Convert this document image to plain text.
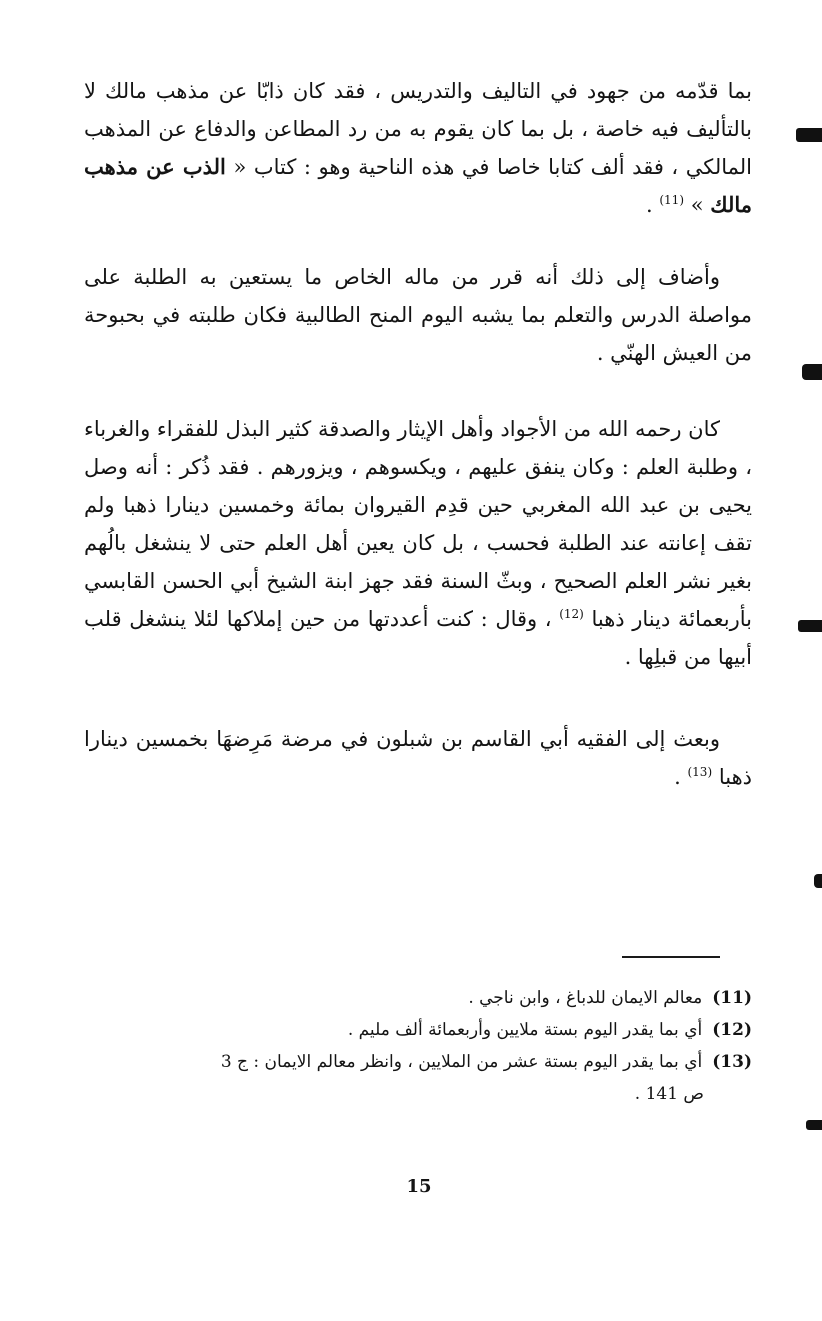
بما قدّمه من جهود في التاليف والتدريس ، فقد كان ذابّا عن مذهب مالك لا بالتأليف فيه خاصة ، بل بما كان يقوم به من رد المطاعن والدفاع عن المذهب المالكي ، فقد ألف كتابا خاصا في هذه الناحية وهو : كتاب « الذب عن مذهب مالك » $^{(11)}$ .

وأضاف إلى ذلك أنه قرر من ماله الخاص ما يستعين به الطلبة على مواصلة الدرس والتعلم بما يشبه اليوم المنح الطالبية فكان طلبته في بحبوحة من العيش الهنّي .

كان رحمه الله من الأجواد وأهل الإيثار والصدقة كثير البذل للفقراء والغرباء ، وطلبة العلم : وكان ينفق عليهم ، ويكسوهم ، ويزورهم . فقد ذُكر : أنه وصل يحيى بن عبد الله المغربي حين قدِم القيروان بمائة وخمسين دينارا ذهبا ولم تقف إعانته عند الطلبة فحسب ، بل كان يعين أهل العلم حتى لا ينشغل بالُهم بغير نشر العلم الصحيح ، وبثّ السنة فقد جهز ابنة الشيخ أبي الحسن القابسي بأربعمائة دينار ذهبا $^{(12)}$ ، وقال : كنت أعددتها من حين إملاكها لئلا ينشغل قلب أبيها من قبلِها .

وبعث إلى الفقيه أبي القاسم بن شبلون في مرضة مَرِضهَا بخمسين دينارا ذهبا $^{(13)}$ .

(11)معالم الايمان للدباغ ، وابن ناجي .

(12)أي بما يقدر اليوم بستة ملايين وأربعمائة ألف مليم .

(13)أي بما يقدر اليوم بستة عشر من الملايين ، وانظر معالم الايمان : ج 3

ص 141 .

15
